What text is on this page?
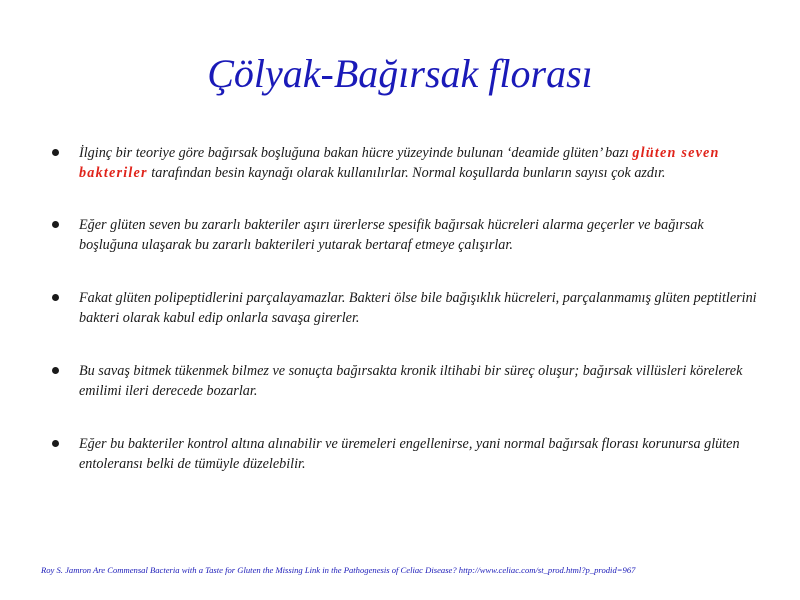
Çölyak-Bağırsak florası
İlginç bir teoriye göre bağırsak boşluğuna bakan hücre yüzeyinde bulunan ‘deamide glüten’ bazı glüten seven bakteriler tarafından besin kaynağı olarak kullanılırlar. Normal koşullarda bunların sayısı çok azdır.
Eğer glüten seven bu zararlı bakteriler aşırı ürerlerse spesifik bağırsak hücreleri alarma geçerler ve bağırsak boşluğuna ulaşarak bu zararlı bakterileri yutarak bertaraf etmeye çalışırlar.
Fakat glüten polipeptidlerini parçalayamazlar. Bakteri ölse bile bağışıklık hücreleri, parçalanmamış glüten peptitlerini bakteri olarak kabul edip onlarla savaşa girerler.
Bu savaş bitmek tükenmek bilmez ve sonuçta bağırsakta kronik iltihabi bir süreç oluşur; bağırsak villüsleri körelerek emilimi ileri derecede bozarlar.
Eğer bu bakteriler kontrol altına alınabilir ve üremeleri engellenirse, yani normal bağırsak florası korunursa glüten entoleransı belki de tümüyle düzelebilir.

Roy S. Jamron Are Commensal Bacteria with a Taste for Gluten the Missing Link in the Pathogenesis of Celiac Disease? http://www.celiac.com/st_prod.html?p_prodid=967
